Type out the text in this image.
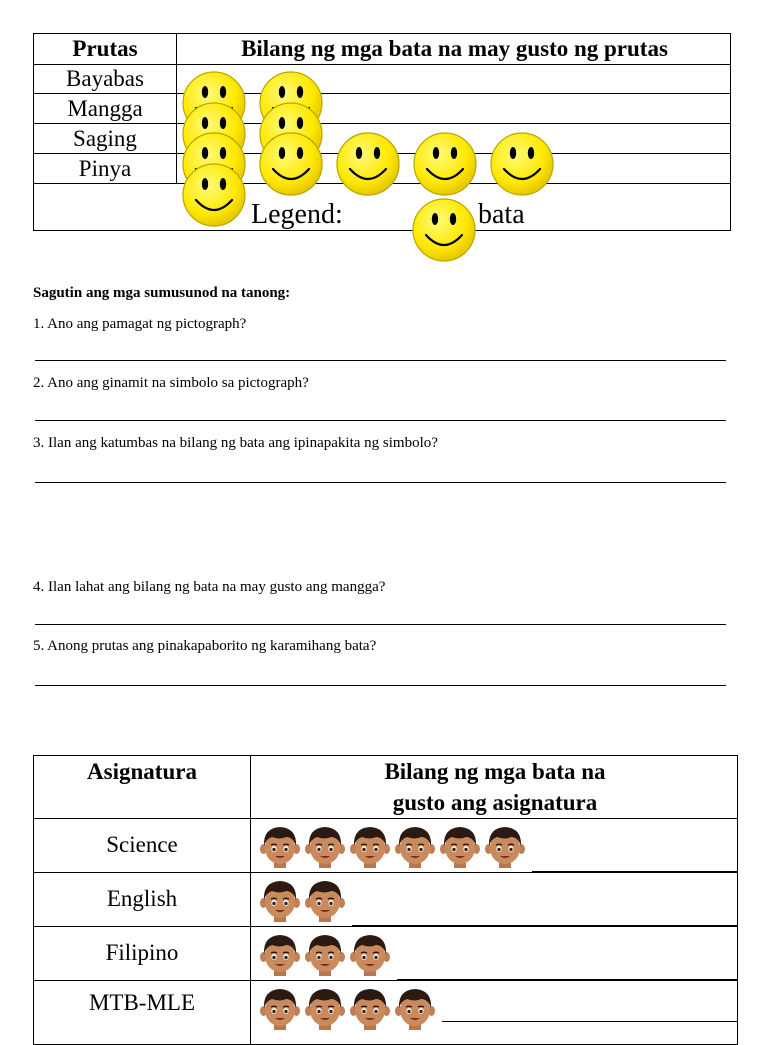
Prutas	Bilang ng mga bata na may gusto ng prutas
Bayabas
Mangga
Saging
Pinya
Legend:	bata
Sagutin ang mga sumusunod na tanong:
1. Ano ang pamagat ng pictograph?
2. Ano ang ginamit na simbolo sa pictograph?
3. Ilan ang katumbas na bilang ng bata ang ipinapakita ng simbolo?
4. Ilan lahat ang bilang ng bata na may gusto ang mangga?
5. Anong prutas ang pinakapaborito ng karamihang bata?
Asignatura	Bilang ng mga bata na
gusto ang asignatura
Science
English
Filipino
MTB-MLE
